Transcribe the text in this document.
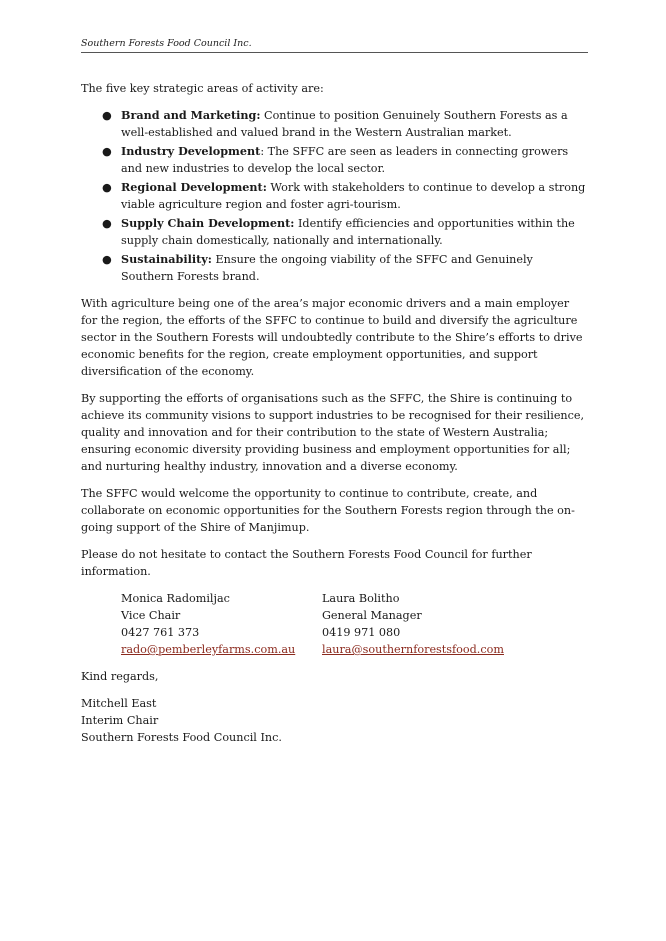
Southern Forests Food Council Inc.

The five key strategic areas of activity are:

● Brand and Marketing: Continue to position Genuinely Southern Forests as a well-established and valued brand in the Western Australian market.
● Industry Development: The SFFC are seen as leaders in connecting growers and new industries to develop the local sector.
● Regional Development: Work with stakeholders to continue to develop a strong viable agriculture region and foster agri-tourism.
● Supply Chain Development: Identify efficiencies and opportunities within the supply chain domestically, nationally and internationally.
● Sustainability: Ensure the ongoing viability of the SFFC and Genuinely Southern Forests brand.

With agriculture being one of the area’s major economic drivers and a main employer for the region, the efforts of the SFFC to continue to build and diversify the agriculture sector in the Southern Forests will undoubtedly contribute to the Shire’s efforts to drive economic benefits for the region, create employment opportunities, and support diversification of the economy.

By supporting the efforts of organisations such as the SFFC, the Shire is continuing to achieve its community visions to support industries to be recognised for their resilience, quality and innovation and for their contribution to the state of Western Australia; ensuring economic diversity providing business and employment opportunities for all; and nurturing healthy industry, innovation and a diverse economy.

The SFFC would welcome the opportunity to continue to contribute, create, and collaborate on economic opportunities for the Southern Forests region through the on-going support of the Shire of Manjimup.

Please do not hesitate to contact the Southern Forests Food Council for further information.

Monica Radomiljac
Vice Chair
0427 761 373
rado@pemberleyfarms.com.au
Laura Bolitho
General Manager
0419 971 080
laura@southernforestsfood.com

Kind regards,

Mitchell East
Interim Chair
Southern Forests Food Council Inc.
